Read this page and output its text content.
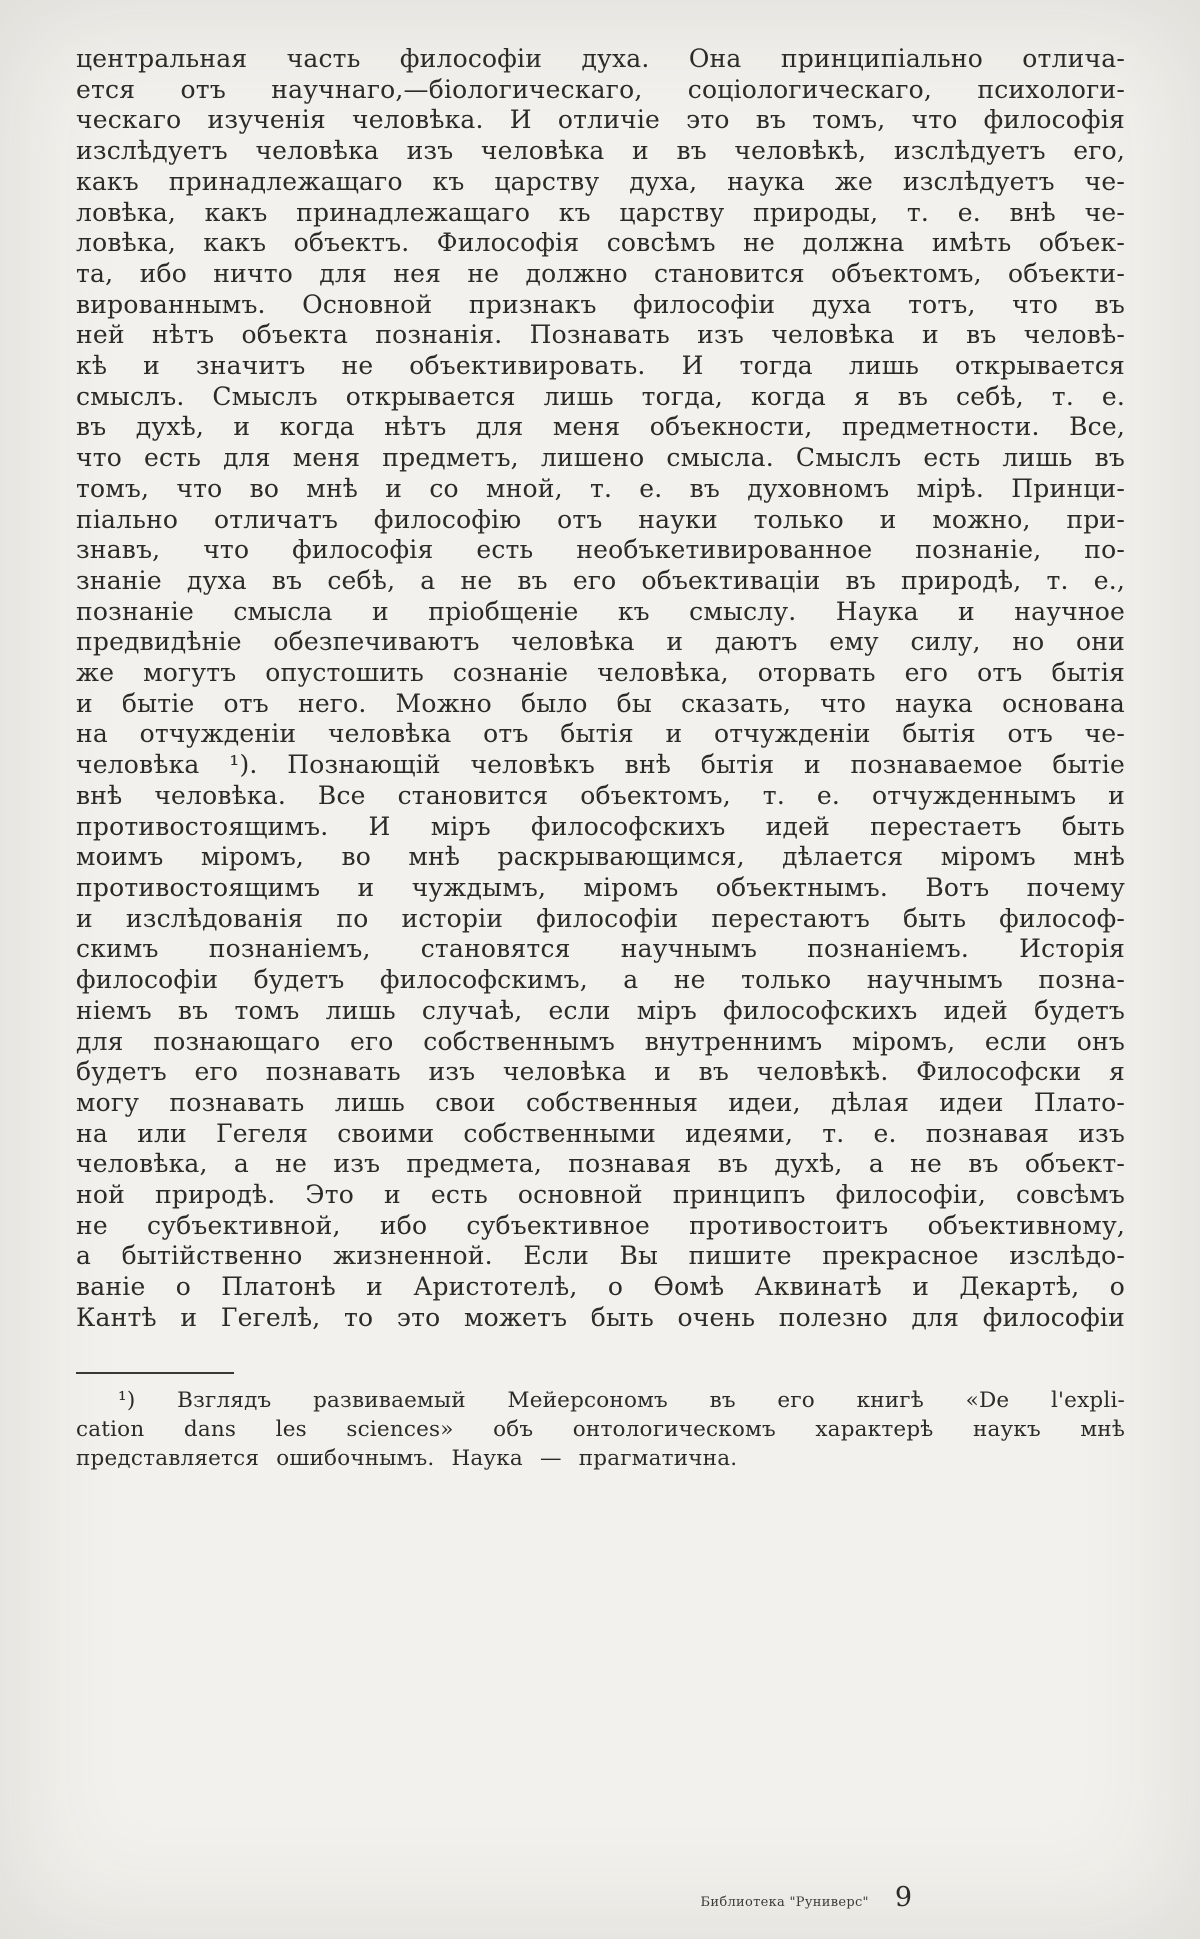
центральная часть философіи духа. Она принципіально отлича-
ется отъ научнаго,—біологическаго, соціологическаго, психологи-
ческаго изученія человѣка. И отличіе это въ томъ, что философія
изслѣдуетъ человѣка изъ человѣка и въ человѣкѣ, изслѣдуетъ его,
какъ принадлежащаго къ царству духа, наука же изслѣдуетъ че-
ловѣка, какъ принадлежащаго къ царству природы, т. е. внѣ че-
ловѣка, какъ объектъ. Философія совсѣмъ не должна имѣть объек-
та, ибо ничто для нея не должно становится объектомъ, объекти-
вированнымъ. Основной признакъ философіи духа тотъ, что въ
ней нѣтъ объекта познанія. Познавать изъ человѣка и въ человѣ-
кѣ и значитъ не объективировать. И тогда лишь открывается
смыслъ. Смыслъ открывается лишь тогда, когда я въ себѣ, т. е.
въ духѣ, и когда нѣтъ для меня объекности, предметности. Все,
что есть для меня предметъ, лишено смысла. Смыслъ есть лишь въ
томъ, что во мнѣ и со мной, т. е. въ духовномъ мірѣ. Принци-
піально отличатъ философію отъ науки только и можно, при-
знавъ, что философія есть необъкетивированное познаніе, по-
знаніе духа въ себѣ, а не въ его объективаціи въ природѣ, т. е.,
познаніе смысла и пріобщеніе къ смыслу. Наука и научное
предвидѣніе обезпечиваютъ человѣка и даютъ ему силу, но они
же могутъ опустошить сознаніе человѣка, оторвать его отъ бытія
и бытіе отъ него. Можно было бы сказать, что наука основана
на отчужденіи человѣка отъ бытія и отчужденіи бытія отъ че-
человѣка ¹). Познающій человѣкъ внѣ бытія и познаваемое бытіе
внѣ человѣка. Все становится объектомъ, т. е. отчужденнымъ и
противостоящимъ. И міръ философскихъ идей перестаетъ быть
моимъ міромъ, во мнѣ раскрывающимся, дѣлается міромъ мнѣ
противостоящимъ и чуждымъ, міромъ объектнымъ. Вотъ почему
и изслѣдованія по исторіи философіи перестаютъ быть философ-
скимъ познаніемъ, становятся научнымъ познаніемъ. Исторія
философіи будетъ философскимъ, а не только научнымъ позна-
ніемъ въ томъ лишь случаѣ, если міръ философскихъ идей будетъ
для познающаго его собственнымъ внутреннимъ міромъ, если онъ
будетъ его познавать изъ человѣка и въ человѣкѣ. Философски я
могу познавать лишь свои собственныя идеи, дѣлая идеи Плато-
на или Гегеля своими собственными идеями, т. е. познавая изъ
человѣка, а не изъ предмета, познавая въ духѣ, а не въ объект-
ной природѣ. Это и есть основной принципъ философіи, совсѣмъ
не субъективной, ибо субъективное противостоитъ объективному,
а бытійственно жизненной. Если Вы пишите прекрасное изслѣдо-
ваніе о Платонѣ и Аристотелѣ, о Ѳомѣ Аквинатѣ и Декартѣ, о
Кантѣ и Гегелѣ, то это можетъ быть очень полезно для философіи
¹) Взглядъ развиваемый Мейерсономъ въ его книгѣ «De l'expli-
cation dans les sciences» объ онтологическомъ характерѣ наукъ мнѣ
представляется ошибочнымъ. Наука — прагматична.
Библиотека "Руниверс" 9
